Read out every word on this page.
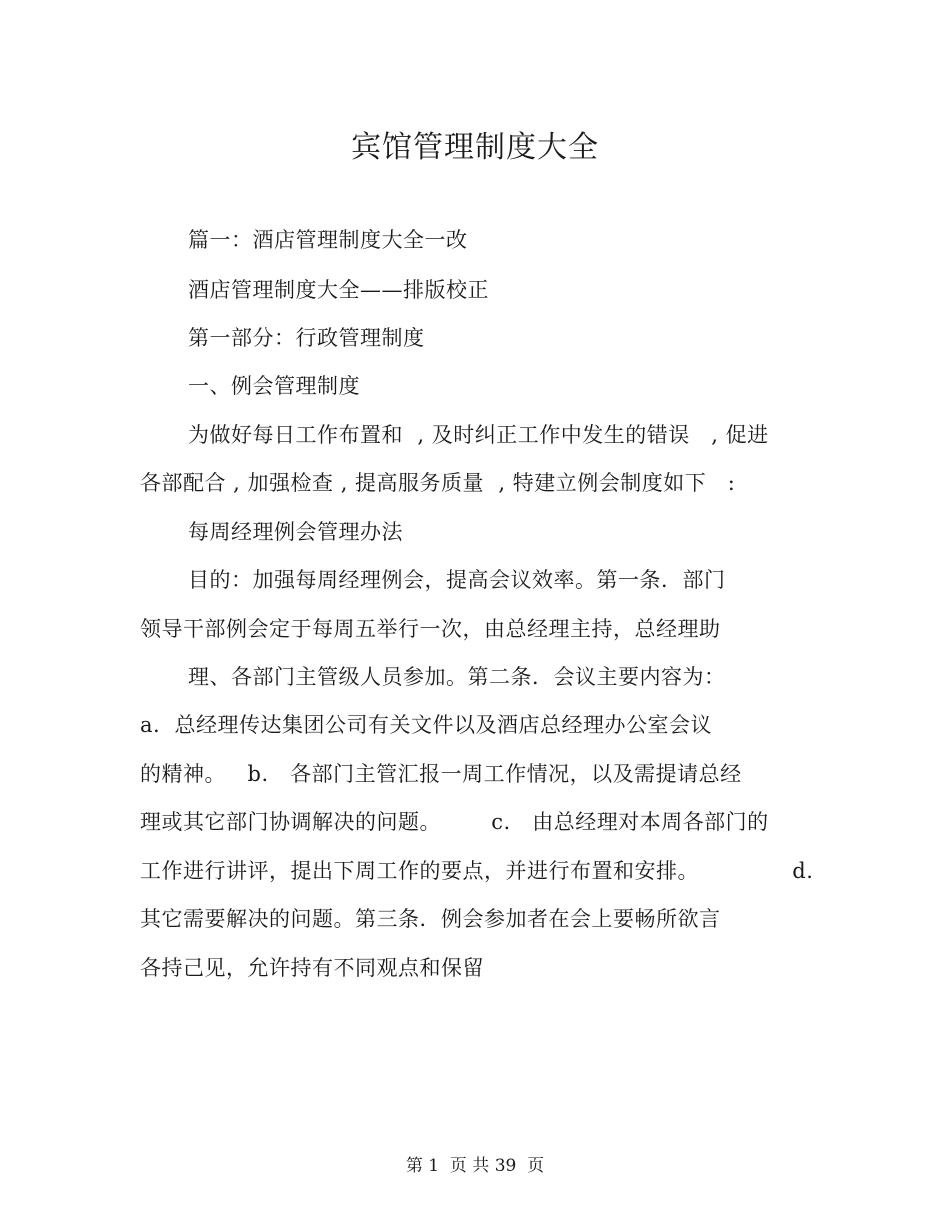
宾馆管理制度大全
篇一：酒店管理制度大全一改
酒店管理制度大全——排版校正
第一部分：行政管理制度
一、例会管理制度
为做好每日工作布置和  , 及时纠正工作中发生的错误   , 促进
各部配合 , 加强检查 , 提高服务质量  , 特建立例会制度如下   :
每周经理例会管理办法
目的：加强每周经理例会，提高会议效率。第一条．部门
领导干部例会定于每周五举行一次，由总经理主持，总经理助
理、各部门主管级人员参加。第二条．会议主要内容为：
a.  总经理传达集团公司有关文件以及酒店总经理办公室会议
的精神。   b.   各部门主管汇报一周工作情况，以及需提请总经
理或其它部门协调解决的问题。       c.   由总经理对本周各部门的
工作进行讲评，提出下周工作的要点，并进行布置和安排。             d.
其它需要解决的问题。第三条．例会参加者在会上要畅所欲言
各持己见，允许持有不同观点和保留
第 1  页 共 39  页
